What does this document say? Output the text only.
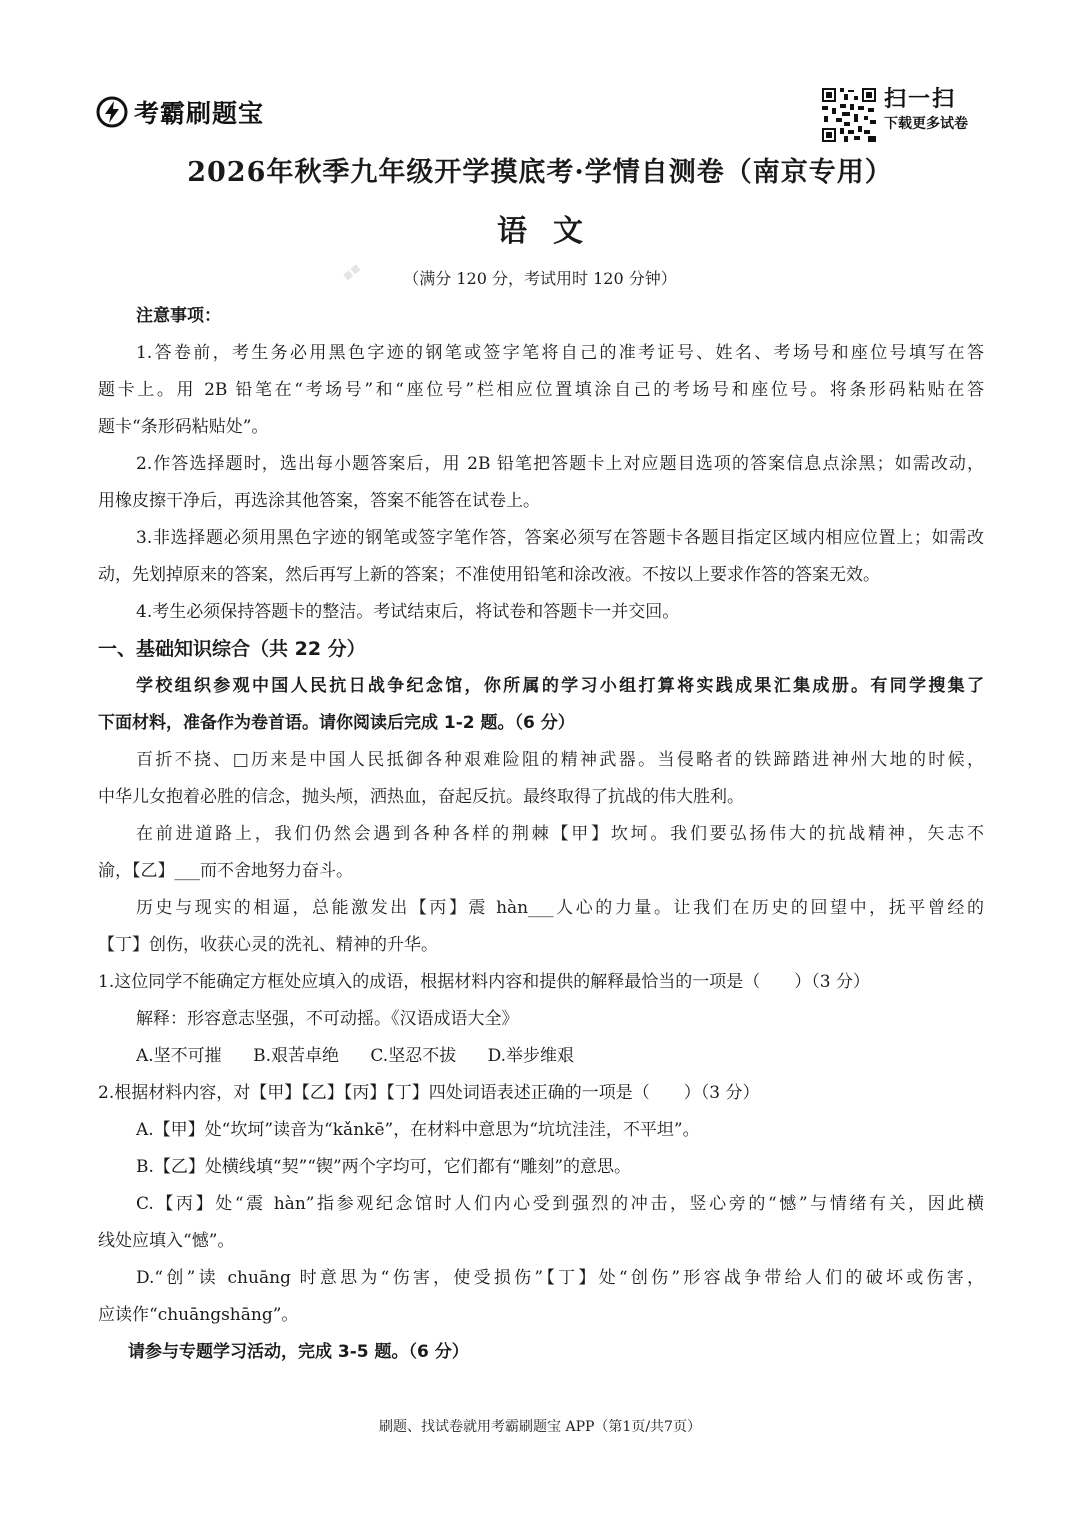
考霸刷题宝	扫一扫
下载更多试卷
2026年秋季九年级开学摸底考·学情自测卷（南京专用）
语文
▪▪	（满分 120 分，考试用时 120 分钟）
注意事项：
1.答卷前，考生务必用黑色字迹的钢笔或签字笔将自己的准考证号、姓名、考场号和座位号填写在答
题卡上。用 2B 铅笔在“考场号”和“座位号”栏相应位置填涂自己的考场号和座位号。将条形码粘贴在答
题卡“条形码粘贴处”。
2.作答选择题时，选出每小题答案后，用 2B 铅笔把答题卡上对应题目选项的答案信息点涂黑；如需改动，
用橡皮擦干净后，再选涂其他答案，答案不能答在试卷上。
3.非选择题必须用黑色字迹的钢笔或签字笔作答，答案必须写在答题卡各题目指定区域内相应位置上；如需改
动，先划掉原来的答案，然后再写上新的答案；不准使用铅笔和涂改液。不按以上要求作答的答案无效。
4.考生必须保持答题卡的整洁。考试结束后，将试卷和答题卡一并交回。
一、基础知识综合（共 22 分）
学校组织参观中国人民抗日战争纪念馆，你所属的学习小组打算将实践成果汇集成册。有同学搜集了
下面材料，准备作为卷首语。请你阅读后完成 1-2 题。（6 分）
百折不挠、□历来是中国人民抵御各种艰难险阻的精神武器。当侵略者的铁蹄踏进神州大地的时候，
中华儿女抱着必胜的信念，抛头颅，洒热血，奋起反抗。最终取得了抗战的伟大胜利。
在前进道路上，我们仍然会遇到各种各样的荆棘【甲】坎坷。我们要弘扬伟大的抗战精神，矢志不
渝，【乙】___而不舍地努力奋斗。
历史与现实的相逼，总能激发出【丙】震 hàn___人心的力量。让我们在历史的回望中，抚平曾经的
【丁】创伤，收获心灵的洗礼、精神的升华。
1.这位同学不能确定方框处应填入的成语，根据材料内容和提供的解释最恰当的一项是（　　）（3 分）
解释：形容意志坚强，不可动摇。《汉语成语大全》
A.坚不可摧 B.艰苦卓绝 C.坚忍不拔 D.举步维艰
2.根据材料内容，对【甲】【乙】【丙】【丁】四处词语表述正确的一项是（　　）（3 分）
A.【甲】处“坎坷”读音为“kǎnkē”，在材料中意思为“坑坑洼洼，不平坦”。
B.【乙】处横线填“契”“锲”两个字均可，它们都有“雕刻”的意思。
C.【丙】处“震 hàn”指参观纪念馆时人们内心受到强烈的冲击，竖心旁的“憾”与情绪有关，因此横
线处应填入“憾”。
D.“创”读 chuāng 时意思为“伤害，使受损伤”【丁】处“创伤”形容战争带给人们的破坏或伤害，
应读作“chuāngshāng”。
请参与专题学习活动，完成 3-5 题。（6 分）
刷题、找试卷就用考霸刷题宝 APP（第1页/共7页）
